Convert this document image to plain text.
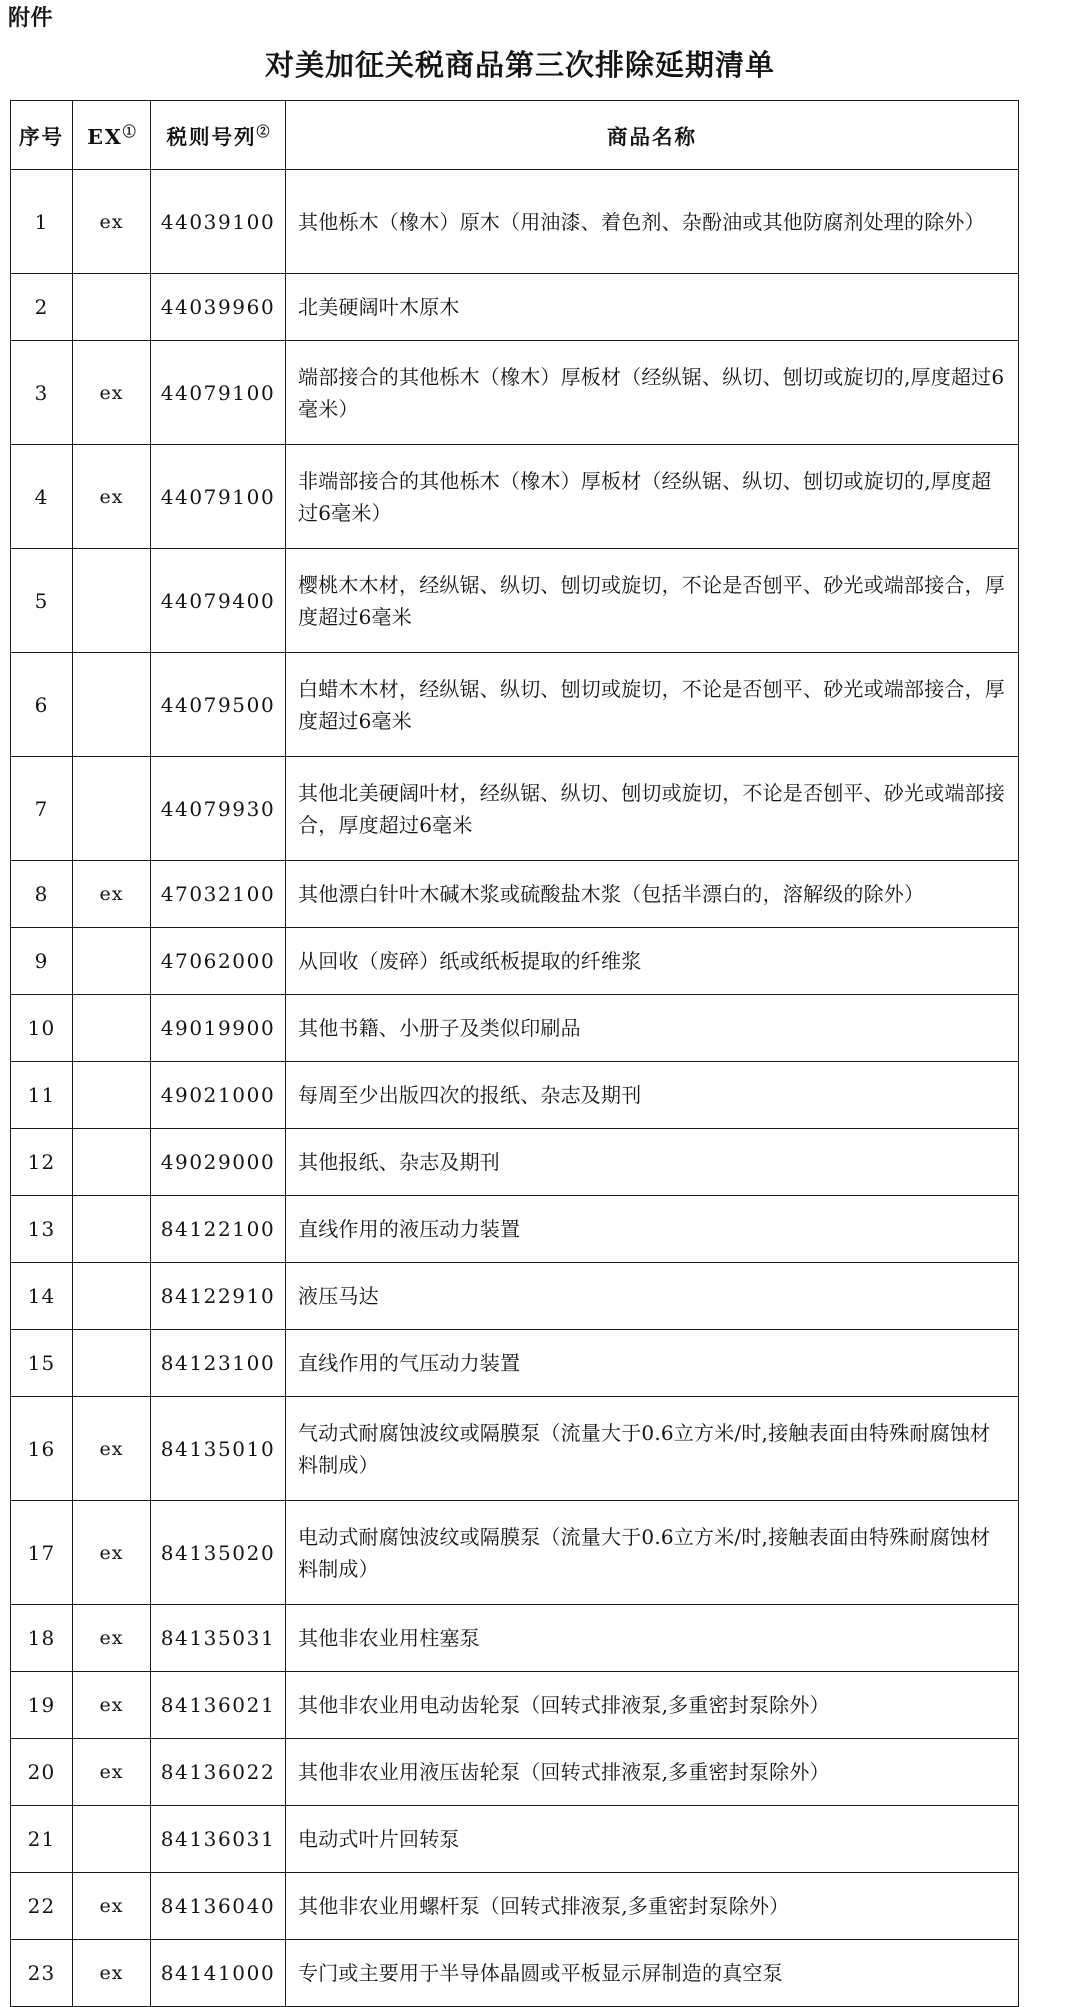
附件
对美加征关税商品第三次排除延期清单
序号	EX①	税则号列②	商品名称
1	ex	44039100	其他栎木（橡木）原木（用油漆、着色剂、杂酚油或其他防腐剂处理的除外）
2		44039960	北美硬阔叶木原木
3	ex	44079100	端部接合的其他栎木（橡木）厚板材（经纵锯、纵切、刨切或旋切的,厚度超过6毫米）
4	ex	44079100	非端部接合的其他栎木（橡木）厚板材（经纵锯、纵切、刨切或旋切的,厚度超过6毫米）
5		44079400	樱桃木木材，经纵锯、纵切、刨切或旋切，不论是否刨平、砂光或端部接合，厚度超过6毫米
6		44079500	白蜡木木材，经纵锯、纵切、刨切或旋切，不论是否刨平、砂光或端部接合，厚度超过6毫米
7		44079930	其他北美硬阔叶材，经纵锯、纵切、刨切或旋切，不论是否刨平、砂光或端部接合，厚度超过6毫米
8	ex	47032100	其他漂白针叶木碱木浆或硫酸盐木浆（包括半漂白的，溶解级的除外）
9		47062000	从回收（废碎）纸或纸板提取的纤维浆
10		49019900	其他书籍、小册子及类似印刷品
11		49021000	每周至少出版四次的报纸、杂志及期刊
12		49029000	其他报纸、杂志及期刊
13		84122100	直线作用的液压动力装置
14		84122910	液压马达
15		84123100	直线作用的气压动力装置
16	ex	84135010	气动式耐腐蚀波纹或隔膜泵（流量大于0.6立方米/时,接触表面由特殊耐腐蚀材料制成）
17	ex	84135020	电动式耐腐蚀波纹或隔膜泵（流量大于0.6立方米/时,接触表面由特殊耐腐蚀材料制成）
18	ex	84135031	其他非农业用柱塞泵
19	ex	84136021	其他非农业用电动齿轮泵（回转式排液泵,多重密封泵除外）
20	ex	84136022	其他非农业用液压齿轮泵（回转式排液泵,多重密封泵除外）
21		84136031	电动式叶片回转泵
22	ex	84136040	其他非农业用螺杆泵（回转式排液泵,多重密封泵除外）
23	ex	84141000	专门或主要用于半导体晶圆或平板显示屏制造的真空泵
